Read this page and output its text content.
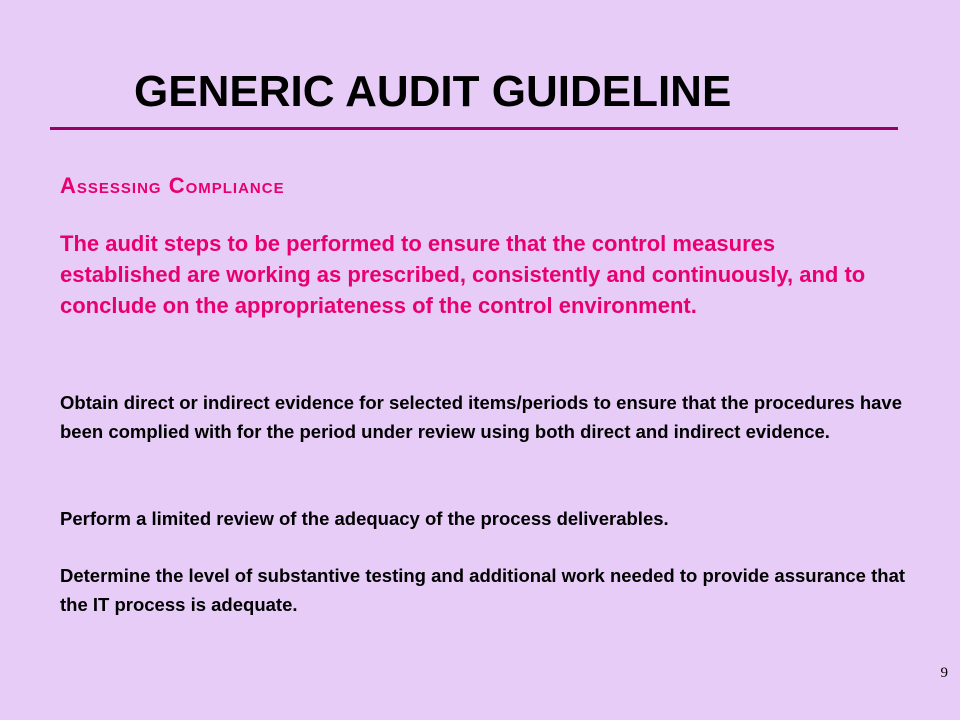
GENERIC AUDIT GUIDELINE
Assessing Compliance

The audit steps to be performed to ensure that the control measures established are working as prescribed, consistently and continuously, and to conclude on the appropriateness of the control environment.

Obtain direct or indirect evidence for selected items/periods to ensure that the procedures have been complied with for the period under review using both direct and indirect evidence.

Perform a limited review of the adequacy of the process deliverables.

Determine the level of substantive testing and additional work needed to provide assurance that the IT process is adequate.

9
